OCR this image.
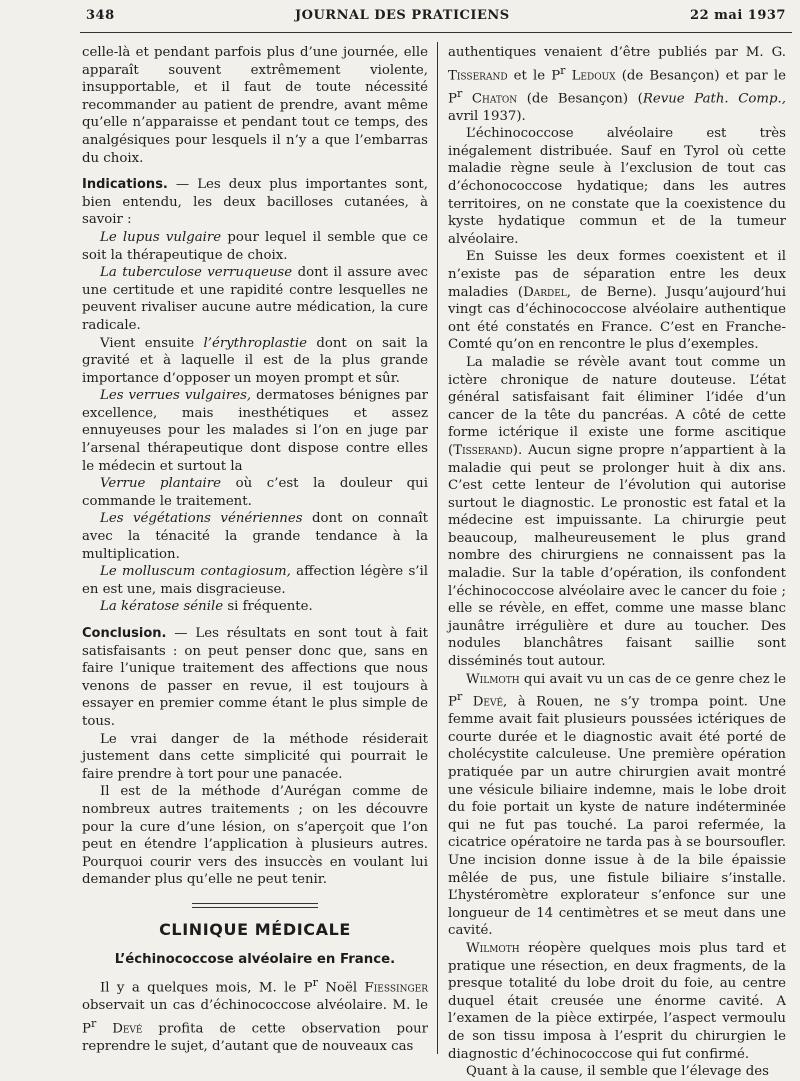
348	JOURNAL DES PRATICIENS	22 mai 1937

celle-là et pendant parfois plus d’une journée, elle apparaît souvent extrêmement violente, insupportable, et il faut de toute nécessité recommander au patient de prendre, avant même qu’elle n’apparaisse et pendant tout ce temps, des analgésiques pour lesquels il n’y a que l’embarras du choix.

Indications. — Les deux plus importantes sont, bien entendu, les deux bacilloses cutanées, à savoir :

Le lupus vulgaire pour lequel il semble que ce soit la thérapeutique de choix.

La tuberculose verruqueuse dont il assure avec une certitude et une rapidité contre lesquelles ne peuvent rivaliser aucune autre médication, la cure radicale.

Vient ensuite l’érythroplastie dont on sait la gravité et à laquelle il est de la plus grande importance d’opposer un moyen prompt et sûr.

Les verrues vulgaires, dermatoses bénignes par excellence, mais inesthétiques et assez ennuyeuses pour les malades si l’on en juge par l’arsenal thérapeutique dont dispose contre elles le médecin et surtout la

Verrue plantaire où c’est la douleur qui commande le traitement.

Les végétations vénériennes dont on connaît avec la ténacité la grande tendance à la multiplication.

Le molluscum contagiosum, affection légère s’il en est une, mais disgracieuse.

La kératose sénile si fréquente.

Conclusion. — Les résultats en sont tout à fait satisfaisants : on peut penser donc que, sans en faire l’unique traitement des affections que nous venons de passer en revue, il est toujours à essayer en premier comme étant le plus simple de tous.

Le vrai danger de la méthode résiderait justement dans cette simplicité qui pourrait le faire prendre à tort pour une panacée.

Il est de la méthode d’Aurégan comme de nombreux autres traitements ; on les découvre pour la cure d’une lésion, on s’aperçoit que l’on peut en étendre l’application à plusieurs autres. Pourquoi courir vers des insuccès en voulant lui demander plus qu’elle ne peut tenir.

CLINIQUE MÉDICALE
L’échinococcose alvéolaire en France.

Il y a quelques mois, M. le $P^r$ Noël Fiessinger observait un cas d’échinococcose alvéolaire. M. le $P^r$ Devé profita de cette observation pour reprendre le sujet, d’autant que de nouveaux cas

authentiques venaient d’être publiés par M. G. Tisserand et le $P^r$ Ledoux (de Besançon) et par le $P^r$ Chaton (de Besançon) (Revue Path. Comp., avril 1937).

L’échinococcose alvéolaire est très inégalement distribuée. Sauf en Tyrol où cette maladie règne seule à l’exclusion de tout cas d’échonococcose hydatique; dans les autres territoires, on ne constate que la coexistence du kyste hydatique commun et de la tumeur alvéolaire.

En Suisse les deux formes coexistent et il n’existe pas de séparation entre les deux maladies (Dardel, de Berne). Jusqu’aujourd’hui vingt cas d’échinococcose alvéolaire authentique ont été constatés en France. C’est en Franche-Comté qu’on en rencontre le plus d’exemples.

La maladie se révèle avant tout comme un ictère chronique de nature douteuse. L’état général satisfaisant fait éliminer l’idée d’un cancer de la tête du pancréas. A côté de cette forme ictérique il existe une forme ascitique (Tisserand). Aucun signe propre n’appartient à la maladie qui peut se prolonger huit à dix ans. C’est cette lenteur de l’évolution qui autorise surtout le diagnostic. Le pronostic est fatal et la médecine est impuissante. La chirurgie peut beaucoup, malheureusement le plus grand nombre des chirurgiens ne connaissent pas la maladie. Sur la table d’opération, ils confondent l’échinococcose alvéolaire avec le cancer du foie ; elle se révèle, en effet, comme une masse blanc jaunâtre irrégulière et dure au toucher. Des nodules blanchâtres faisant saillie sont disséminés tout autour.

Wilmoth qui avait vu un cas de ce genre chez le $P^r$ Devé, à Rouen, ne s’y trompa point. Une femme avait fait plusieurs poussées ictériques de courte durée et le diagnostic avait été porté de cholécystite calculeuse. Une première opération pratiquée par un autre chirurgien avait montré une vésicule biliaire indemne, mais le lobe droit du foie portait un kyste de nature indéterminée qui ne fut pas touché. La paroi refermée, la cicatrice opératoire ne tarda pas à se boursoufler. Une incision donne issue à de la bile épaissie mêlée de pus, une fistule biliaire s’installe. L’hystéromètre explorateur s’enfonce sur une longueur de 14 centimètres et se meut dans une cavité.

Wilmoth réopère quelques mois plus tard et pratique une résection, en deux fragments, de la presque totalité du lobe droit du foie, au centre duquel était creusée une énorme cavité. A l’examen de la pièce extirpée, l’aspect vermoulu de son tissu imposa à l’esprit du chirurgien le diagnostic d’échinococcose qui fut confirmé.

Quant à la cause, il semble que l’élevage des
